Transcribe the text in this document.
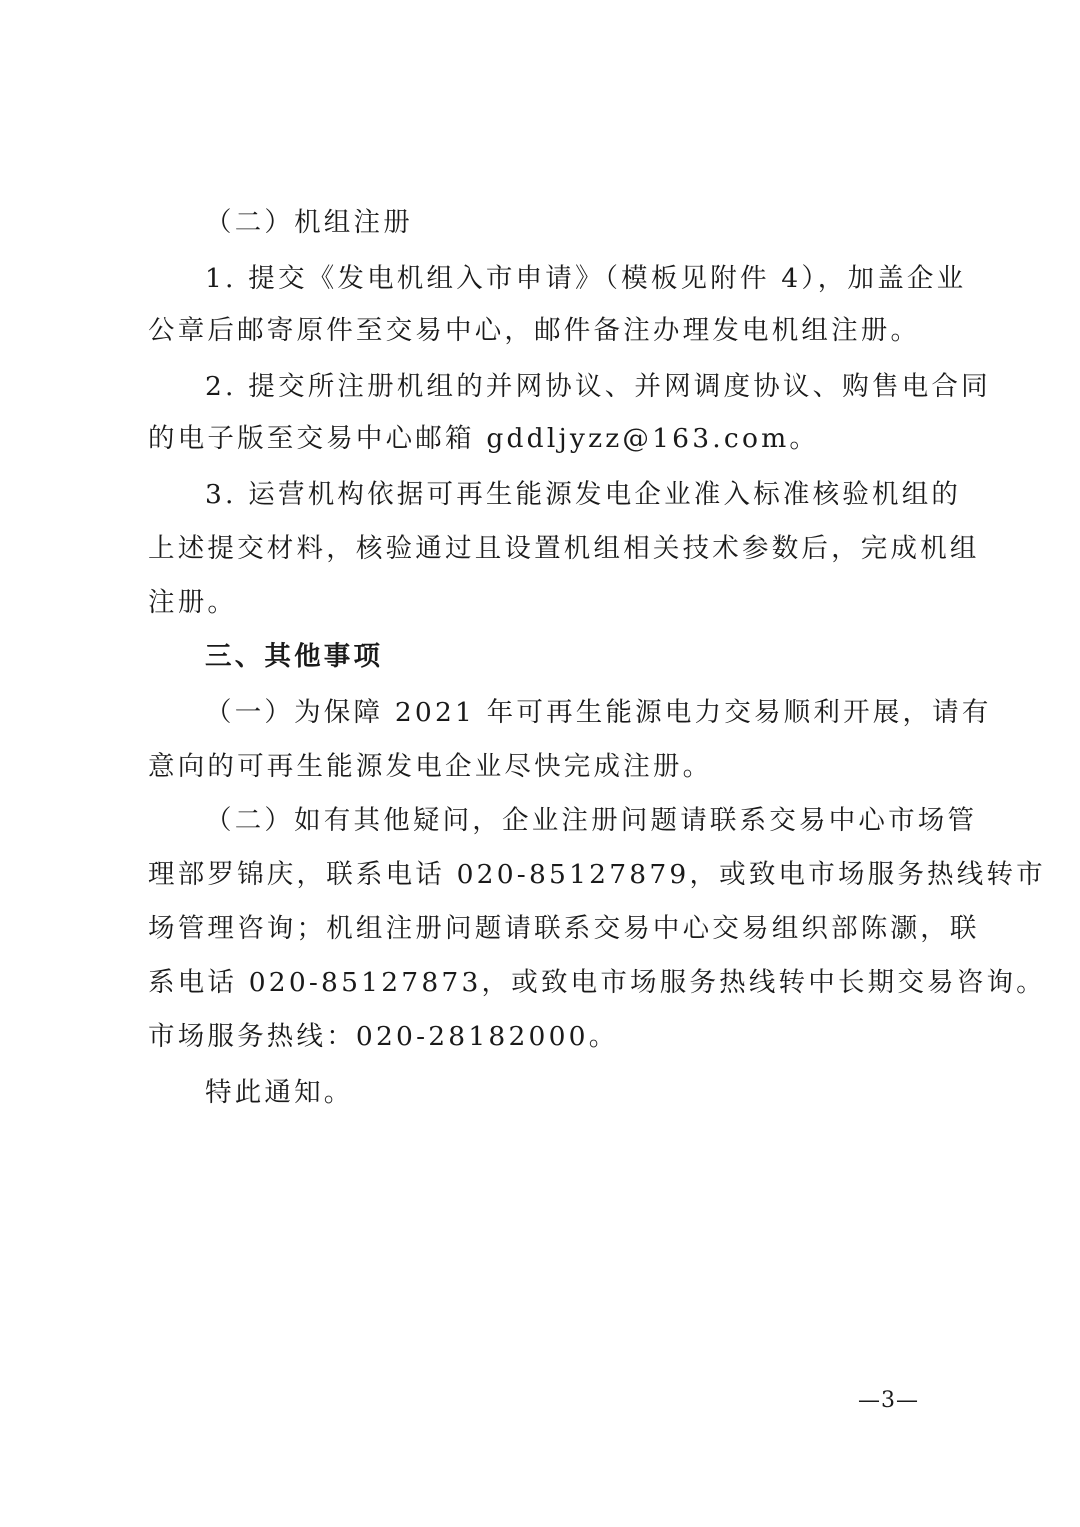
（二）机组注册
1. 提交《发电机组入市申请》（模板见附件 4），加盖企业
公章后邮寄原件至交易中心，邮件备注办理发电机组注册。
2. 提交所注册机组的并网协议、并网调度协议、购售电合同
的电子版至交易中心邮箱 gddljyzz@163.com。
3. 运营机构依据可再生能源发电企业准入标准核验机组的
上述提交材料，核验通过且设置机组相关技术参数后，完成机组
注册。
三、其他事项
（一）为保障 2021 年可再生能源电力交易顺利开展，请有
意向的可再生能源发电企业尽快完成注册。
（二）如有其他疑问，企业注册问题请联系交易中心市场管
理部罗锦庆，联系电话 020-85127879，或致电市场服务热线转市
场管理咨询；机组注册问题请联系交易中心交易组织部陈灏，联
系电话 020-85127873，或致电市场服务热线转中长期交易咨询。
市场服务热线：020-28182000。
特此通知。
—3—
